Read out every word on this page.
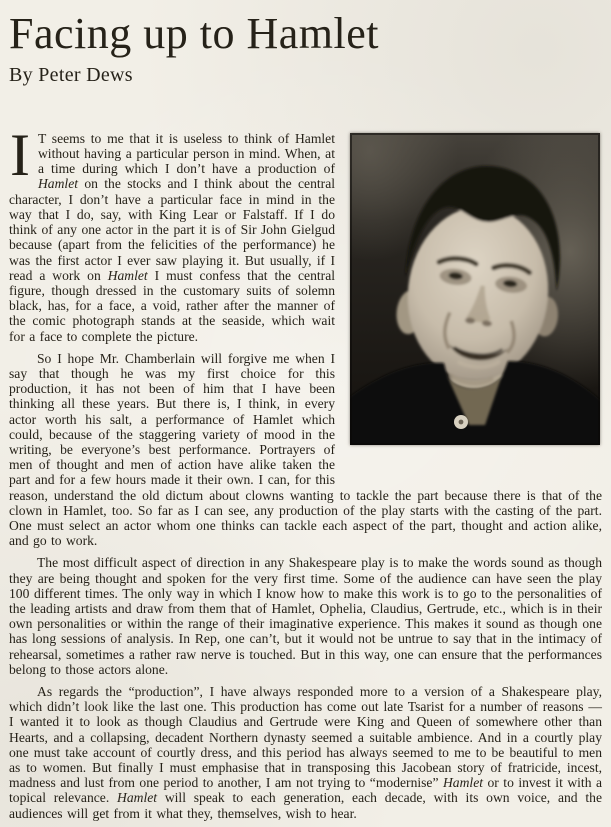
Facing up to Hamlet
By Peter Dews

I T seems to me that it is useless to think of Hamlet without having a particular person in mind. When, at a time during which I don’t have a production of Hamlet on the stocks and I think about the central character, I don’t have a particular face in mind in the way that I do, say, with King Lear or Falstaff. If I do think of any one actor in the part it is of Sir John Gielgud because (apart from the felicities of the performance) he was the first actor I ever saw playing it. But usually, if I read a work on Hamlet I must confess that the central figure, though dressed in the customary suits of solemn black, has, for a face, a void, rather after the manner of the comic photograph stands at the seaside, which wait for a face to complete the picture.

So I hope Mr. Chamberlain will forgive me when I say that though he was my first choice for this production, it has not been of him that I have been thinking all these years. But there is, I think, in every actor worth his salt, a performance of Hamlet which could, because of the staggering variety of mood in the writing, be everyone’s best performance. Portrayers of men of thought and men of action have alike taken the part and for a few hours made it their own. I can, for this reason, understand the old dictum about clowns wanting to tackle the part because there is that of the clown in Hamlet, too. So far as I can see, any production of the play starts with the casting of the part. One must select an actor whom one thinks can tackle each aspect of the part, thought and action alike, and go to work.

The most difficult aspect of direction in any Shakespeare play is to make the words sound as though they are being thought and spoken for the very first time. Some of the audience can have seen the play 100 different times. The only way in which I know how to make this work is to go to the personalities of the leading artists and draw from them that of Hamlet, Ophelia, Claudius, Gertrude, etc., which is in their own personalities or within the range of their imaginative experience. This makes it sound as though one has long sessions of analysis. In Rep, one can’t, but it would not be untrue to say that in the intimacy of rehearsal, sometimes a rather raw nerve is touched. But in this way, one can ensure that the performances belong to those actors alone.

As regards the “production”, I have always responded more to a version of a Shakespeare play, which didn’t look like the last one. This production has come out late Tsarist for a number of reasons — I wanted it to look as though Claudius and Gertrude were King and Queen of somewhere other than Hearts, and a collapsing, decadent Northern dynasty seemed a suitable ambience. And in a courtly play one must take account of courtly dress, and this period has always seemed to me to be beautiful to men as to women. But finally I must emphasise that in transposing this Jacobean story of fratricide, incest, madness and lust from one period to another, I am not trying to “modernise” Hamlet or to invest it with a topical relevance. Hamlet will speak to each generation, each decade, with its own voice, and the audiences will get from it what they, themselves, wish to hear.
